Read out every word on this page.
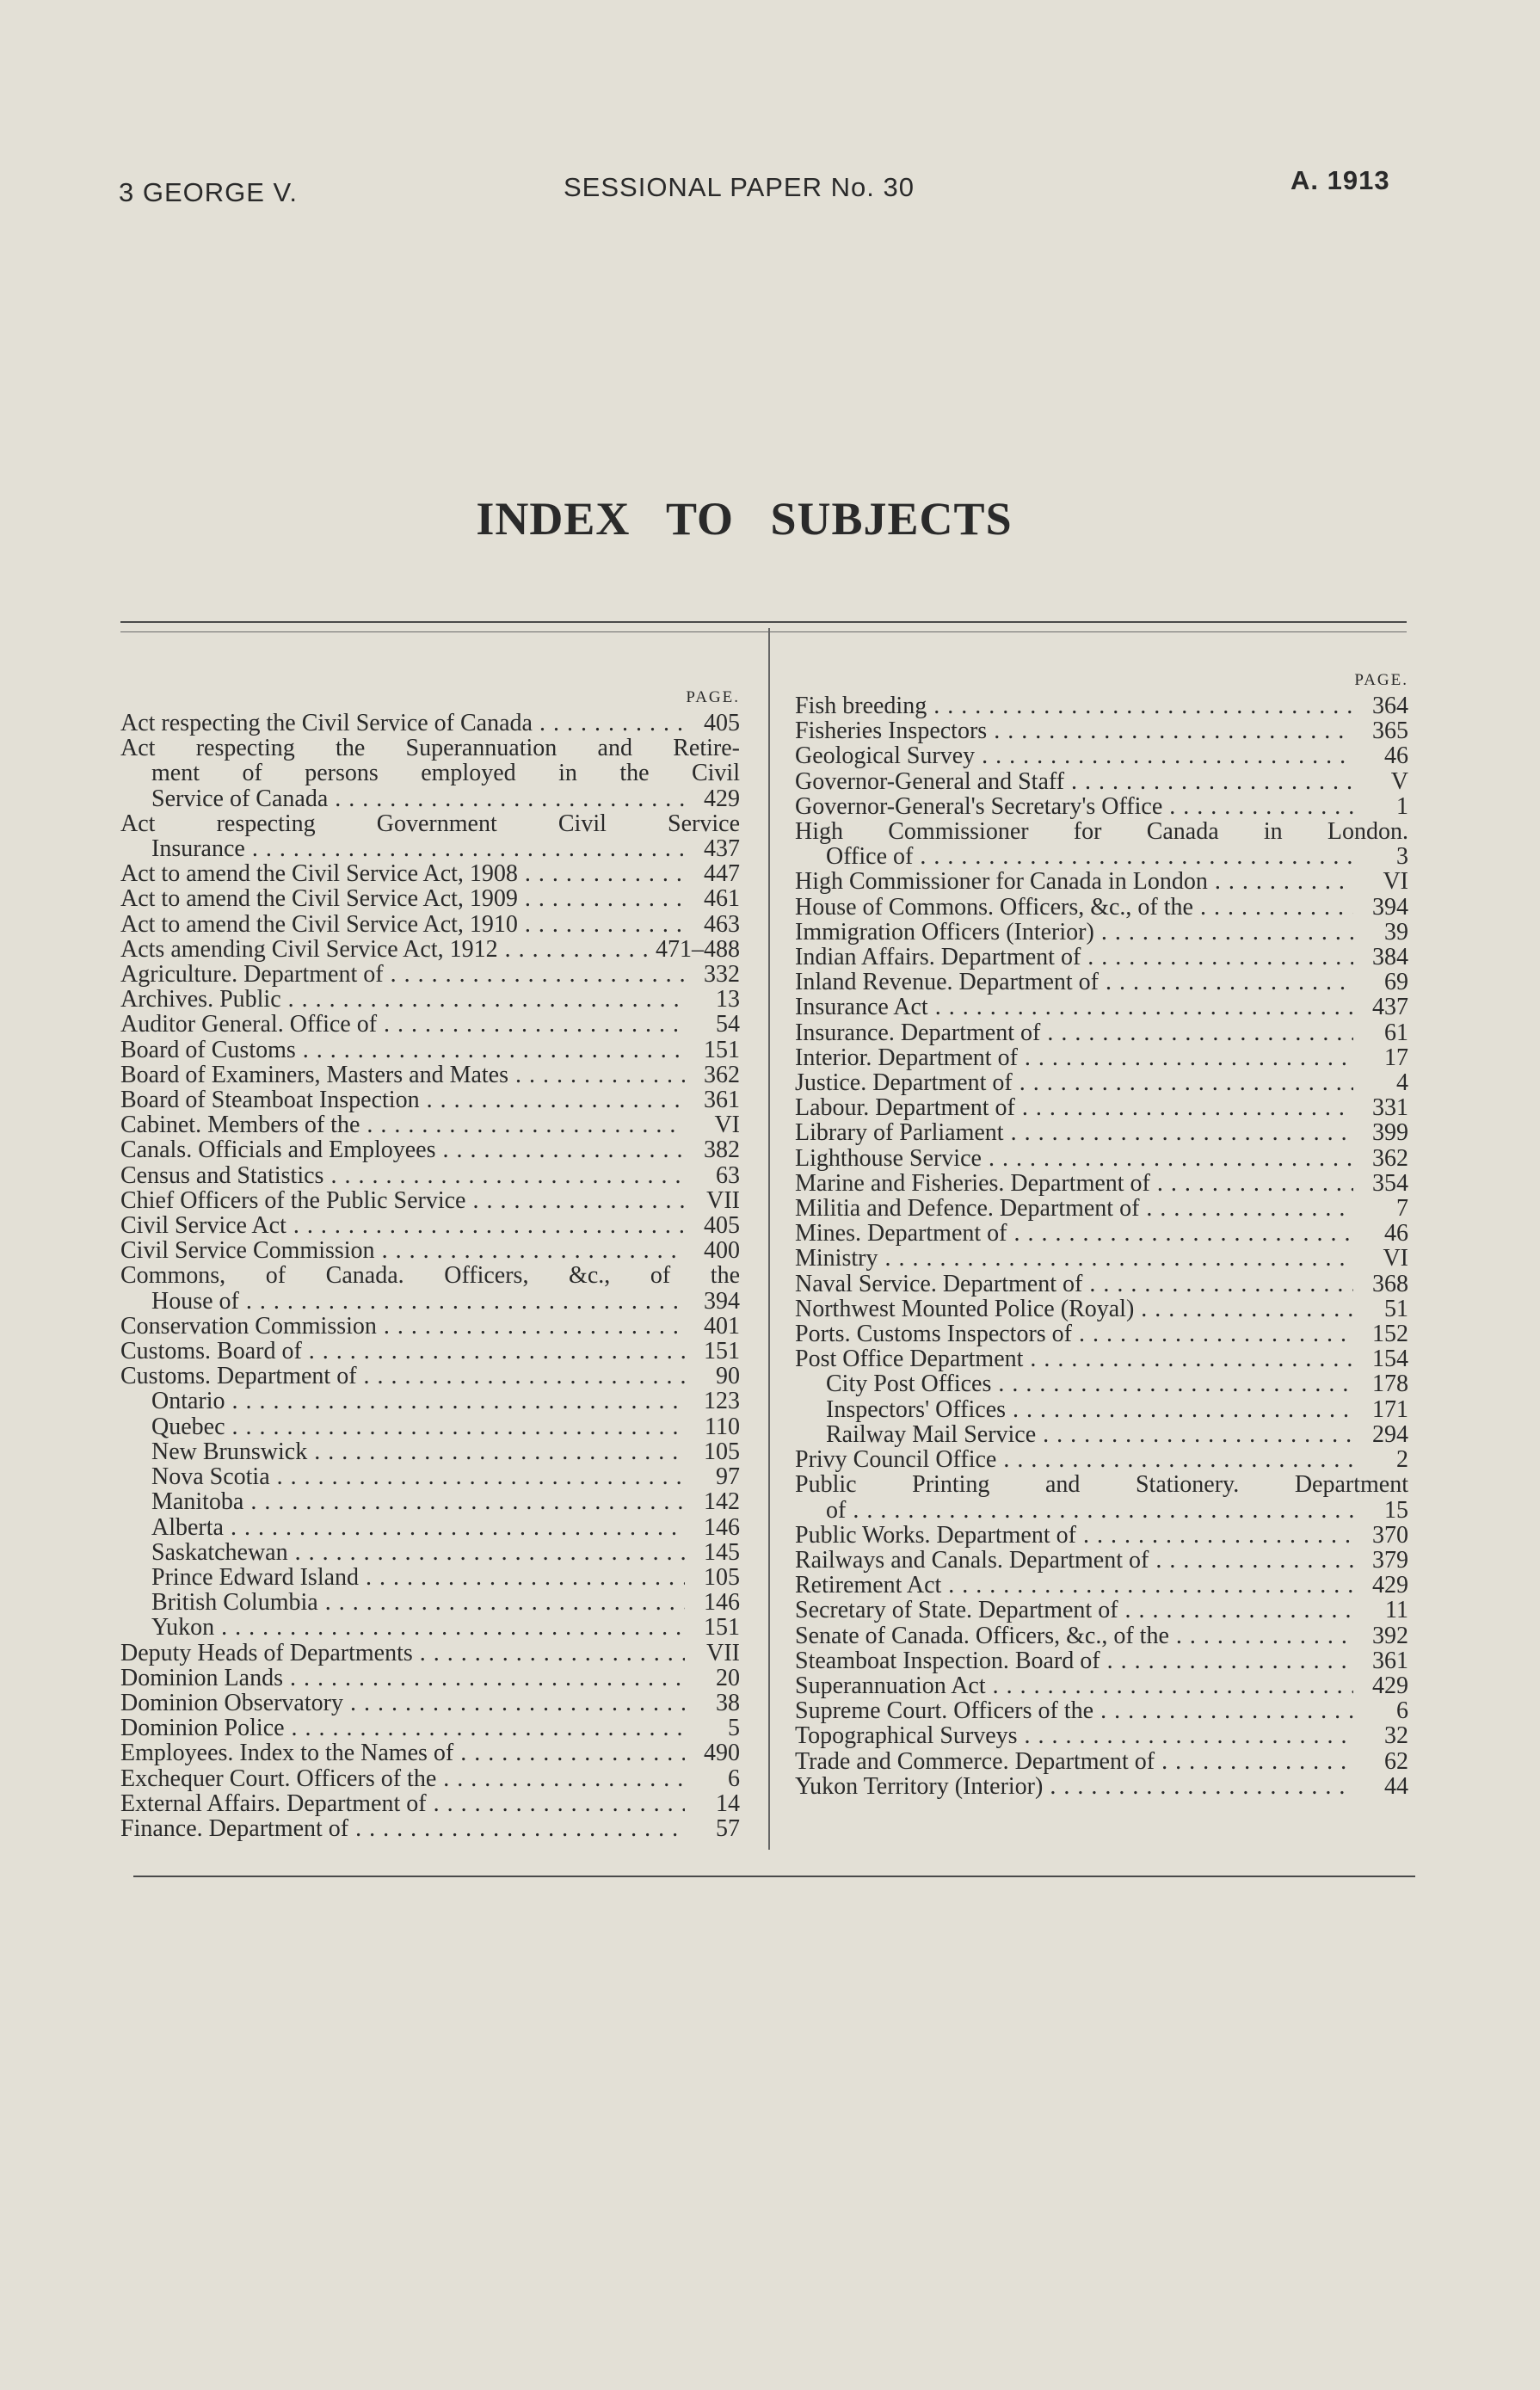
3 GEORGE V.	SESSIONAL PAPER No. 30	A. 1913
INDEX TO SUBJECTS
PAGE.
Act respecting the Civil Service of Canada . . .	405
Act respecting the Superannuation and Retire-
ment of persons employed in the Civil
Service of Canada . . .	429
Act respecting Government Civil Service
Insurance . . .	437
Act to amend the Civil Service Act, 1908 . . .	447
Act to amend the Civil Service Act, 1909 . . .	461
Act to amend the Civil Service Act, 1910 . . .	463
Acts amending Civil Service Act, 1912 . . .	471–488
Agriculture. Department of . . .	332
Archives. Public . . .	13
Auditor General. Office of . . .	54
Board of Customs . . .	151
Board of Examiners, Masters and Mates . . .	362
Board of Steamboat Inspection . . .	361
Cabinet. Members of the . . .	VI
Canals. Officials and Employees . . .	382
Census and Statistics . . .	63
Chief Officers of the Public Service . . .	VII
Civil Service Act . . .	405
Civil Service Commission . . .	400
Commons, of Canada. Officers, &c., of the
House of . . .	394
Conservation Commission . . .	401
Customs. Board of . . .	151
Customs. Department of . . .	90
Ontario . . .	123
Quebec . . .	110
New Brunswick . . .	105
Nova Scotia . . .	97
Manitoba . . .	142
Alberta . . .	146
Saskatchewan . . .	145
Prince Edward Island . . .	105
British Columbia . . .	146
Yukon . . .	151
Deputy Heads of Departments . . .	VII
Dominion Lands . . .	20
Dominion Observatory . . .	38
Dominion Police . . .	5
Employees. Index to the Names of . . .	490
Exchequer Court. Officers of the . . .	6
External Affairs. Department of . . .	14
Finance. Department of . . .	57
PAGE.
Fish breeding . . .	364
Fisheries Inspectors . . .	365
Geological Survey . . .	46
Governor-General and Staff . . .	V
Governor-General's Secretary's Office . . .	1
High Commissioner for Canada in London.
Office of . . .	3
High Commissioner for Canada in London . . .	VI
House of Commons. Officers, &c., of the . . .	394
Immigration Officers (Interior) . . .	39
Indian Affairs. Department of . . .	384
Inland Revenue. Department of . . .	69
Insurance Act . . .	437
Insurance. Department of . . .	61
Interior. Department of . . .	17
Justice. Department of . . .	4
Labour. Department of . . .	331
Library of Parliament . . .	399
Lighthouse Service . . .	362
Marine and Fisheries. Department of . . .	354
Militia and Defence. Department of . . .	7
Mines. Department of . . .	46
Ministry . . .	VI
Naval Service. Department of . . .	368
Northwest Mounted Police (Royal) . . .	51
Ports. Customs Inspectors of . . .	152
Post Office Department . . .	154
City Post Offices . . .	178
Inspectors' Offices . . .	171
Railway Mail Service . . .	294
Privy Council Office . . .	2
Public Printing and Stationery. Department
of . . .	15
Public Works. Department of . . .	370
Railways and Canals. Department of . . .	379
Retirement Act . . .	429
Secretary of State. Department of . . .	11
Senate of Canada. Officers, &c., of the . . .	392
Steamboat Inspection. Board of . . .	361
Superannuation Act . . .	429
Supreme Court. Officers of the . . .	6
Topographical Surveys . . .	32
Trade and Commerce. Department of . . .	62
Yukon Territory (Interior) . . .	44
